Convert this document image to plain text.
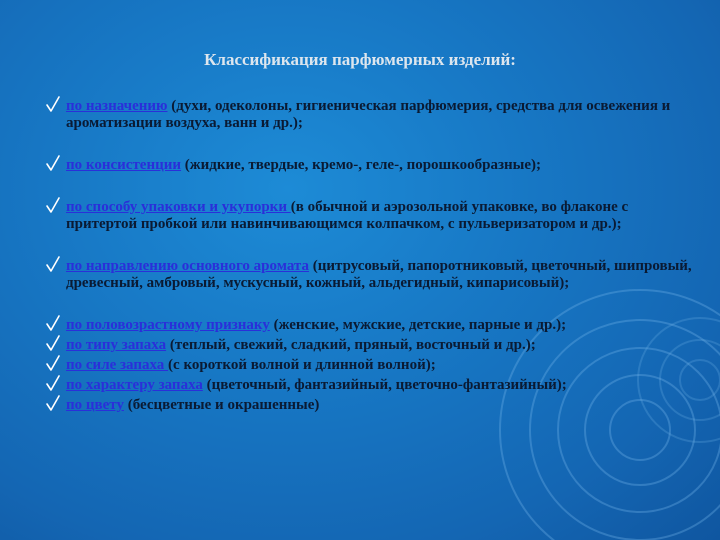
Классификация парфюмерных изделий:
по назначению (духи, одеколоны, гигиеническая парфюмерия, средства для освежения и ароматизации воздуха, ванн и др.);
по консистенции (жидкие, твердые, кремо-, геле-, порошкообразные);
по способу упаковки и укупорки (в обычной и аэрозольной упаковке, во флаконе с притертой пробкой или навинчивающимся колпачком, с пульверизатором и др.);
по направлению основного аромата (цитрусовый, папоротниковый, цветочный, шипровый, древесный, амбровый, мускусный, кожный, альдегидный, кипарисовый);
по половозрастному признаку (женские, мужские, детские, парные и др.);
по типу запаха (теплый, свежий, сладкий, пряный, восточный и др.);
по силе запаха (с короткой волной и длинной волной);
по характеру запаха (цветочный, фантазийный, цветочно-фантазийный);
по цвету (бесцветные и окрашенные)
